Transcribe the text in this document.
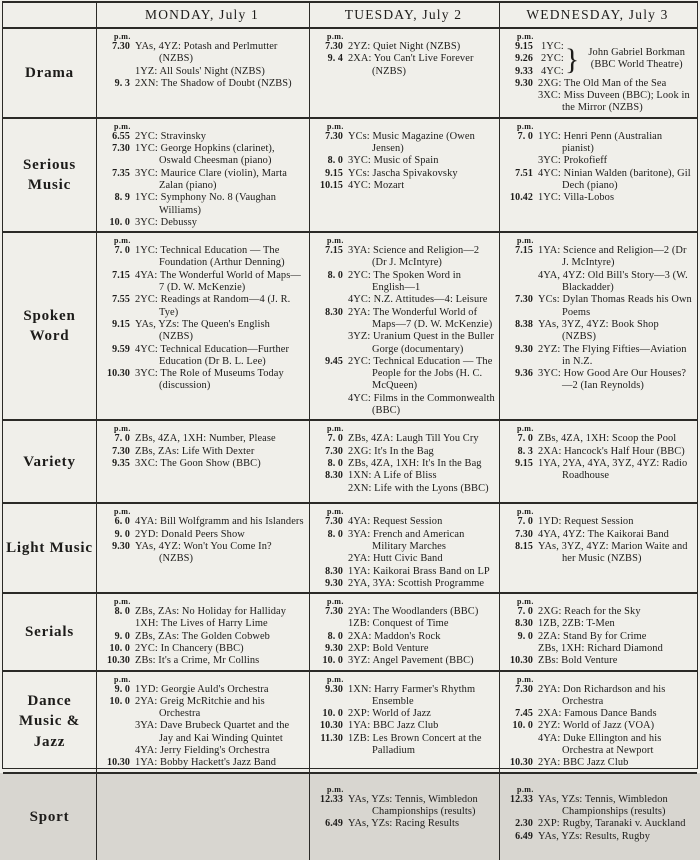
MONDAY, July 1	TUESDAY, July 2	WEDNESDAY, July 3
Drama
p.m.
7.30 YAs, 4YZ: Potash and Perlmutter (NZBS)
1YZ: All Souls' Night (NZBS)
9. 3 2XN: The Shadow of Doubt (NZBS)
p.m.
7.30 2YZ: Quiet Night (NZBS)
9. 4 2XA: You Can't Live Forever (NZBS)
p.m.
9.15 1YC:
9.26 2YC:
9.33 4YC: } John Gabriel Borkman (BBC World Theatre)
9.30 2XG: The Old Man of the Sea
3XC: Miss Duveen (BBC); Look in the Mirror (NZBS)
Serious Music
p.m.
6.55 2YC: Stravinsky
7.30 1YC: George Hopkins (clarinet), Oswald Cheesman (piano)
7.35 3YC: Maurice Clare (violin), Marta Zalan (piano)
8. 9 1YC: Symphony No. 8 (Vaughan Williams)
10. 0 3YC: Debussy
p.m.
7.30 YCs: Music Magazine (Owen Jensen)
8. 0 3YC: Music of Spain
9.15 YCs: Jascha Spivakovsky
10.15 4YC: Mozart
p.m.
7. 0 1YC: Henri Penn (Australian pianist)
3YC: Prokofieff
7.51 4YC: Ninian Walden (baritone), Gil Dech (piano)
10.42 1YC: Villa-Lobos
Spoken Word
p.m.
7. 0 1YC: Technical Education — The Foundation (Arthur Denning)
7.15 4YA: The Wonderful World of Maps—7 (D. W. McKenzie)
7.55 2YC: Readings at Random—4 (J. R. Tye)
9.15 YAs, YZs: The Queen's English (NZBS)
9.59 4YC: Technical Education—Further Education (Dr B. L. Lee)
10.30 3YC: The Role of Museums Today (discussion)
p.m.
7.15 3YA: Science and Religion—2 (Dr J. McIntyre)
8. 0 2YC: The Spoken Word in English—1
4YC: N.Z. Attitudes—4: Leisure
8.30 2YA: The Wonderful World of Maps—7 (D. W. McKenzie)
3YZ: Uranium Quest in the Buller Gorge (documentary)
9.45 2YC: Technical Education — The People for the Jobs (H. C. McQueen)
4YC: Films in the Commonwealth (BBC)
p.m.
7.15 1YA: Science and Religion—2 (Dr J. McIntyre)
4YA, 4YZ: Old Bill's Story—3 (W. Blackadder)
7.30 YCs: Dylan Thomas Reads his Own Poems
8.38 YAs, 3YZ, 4YZ: Book Shop (NZBS)
9.30 2YZ: The Flying Fifties—Aviation in N.Z.
9.36 3YC: How Good Are Our Houses?—2 (Ian Reynolds)
Variety
p.m.
7. 0 ZBs, 4ZA, 1XH: Number, Please
7.30 ZBs, ZAs: Life With Dexter
9.35 3XC: The Goon Show (BBC)
p.m.
7. 0 ZBs, 4ZA: Laugh Till You Cry
7.30 2XG: It's In the Bag
8. 0 ZBs, 4ZA, 1XH: It's In the Bag
8.30 1XN: A Life of Bliss
2XN: Life with the Lyons (BBC)
p.m.
7. 0 ZBs, 4ZA, 1XH: Scoop the Pool
8. 3 2XA: Hancock's Half Hour (BBC)
9.15 1YA, 2YA, 4YA, 3YZ, 4YZ: Radio Roadhouse
Light Music
p.m.
6. 0 4YA: Bill Wolfgramm and his Islanders
9. 0 2YD: Donald Peers Show
9.30 YAs, 4YZ: Won't You Come In? (NZBS)
p.m.
7.30 4YA: Request Session
8. 0 3YA: French and American Military Marches
2YA: Hutt Civic Band
8.30 1YA: Kaikorai Brass Band on LP
9.30 2YA, 3YA: Scottish Programme
p.m.
7. 0 1YD: Request Session
7.30 4YA, 4YZ: The Kaikorai Band
8.15 YAs, 3YZ, 4YZ: Marion Waite and her Music (NZBS)
Serials
p.m.
8. 0 ZBs, ZAs: No Holiday for Halliday
1XH: The Lives of Harry Lime
9. 0 ZBs, ZAs: The Golden Cobweb
10. 0 2YC: In Chancery (BBC)
10.30 ZBs: It's a Crime, Mr Collins
p.m.
7.30 2YA: The Woodlanders (BBC)
1ZB: Conquest of Time
8. 0 2XA: Maddon's Rock
9.30 2XP: Bold Venture
10. 0 3YZ: Angel Pavement (BBC)
p.m.
7. 0 2XG: Reach for the Sky
8.30 1ZB, 2ZB: T-Men
9. 0 2ZA: Stand By for Crime
ZBs, 1XH: Richard Diamond
10.30 ZBs: Bold Venture
Dance Music & Jazz
p.m.
9. 0 1YD: Georgie Auld's Orchestra
10. 0 2YA: Greig McRitchie and his Orchestra
3YA: Dave Brubeck Quartet and the Jay and Kai Winding Quintet
4YA: Jerry Fielding's Orchestra
10.30 1YA: Bobby Hackett's Jazz Band
p.m.
9.30 1XN: Harry Farmer's Rhythm Ensemble
10. 0 2XP: World of Jazz
10.30 1YA: BBC Jazz Club
11.30 1ZB: Les Brown Concert at the Palladium
p.m.
7.30 2YA: Don Richardson and his Orchestra
7.45 2XA: Famous Dance Bands
10. 0 2YZ: World of Jazz (VOA)
4YA: Duke Ellington and his Orchestra at Newport
10.30 2YA: BBC Jazz Club
Sport
p.m.
12.33 YAs, YZs: Tennis, Wimbledon Championships (results)
6.49 YAs, YZs: Racing Results
p.m.
12.33 YAs, YZs: Tennis, Wimbledon Championships (results)
2.30 2XP: Rugby, Taranaki v. Auckland
6.49 YAs, YZs: Results, Rugby
